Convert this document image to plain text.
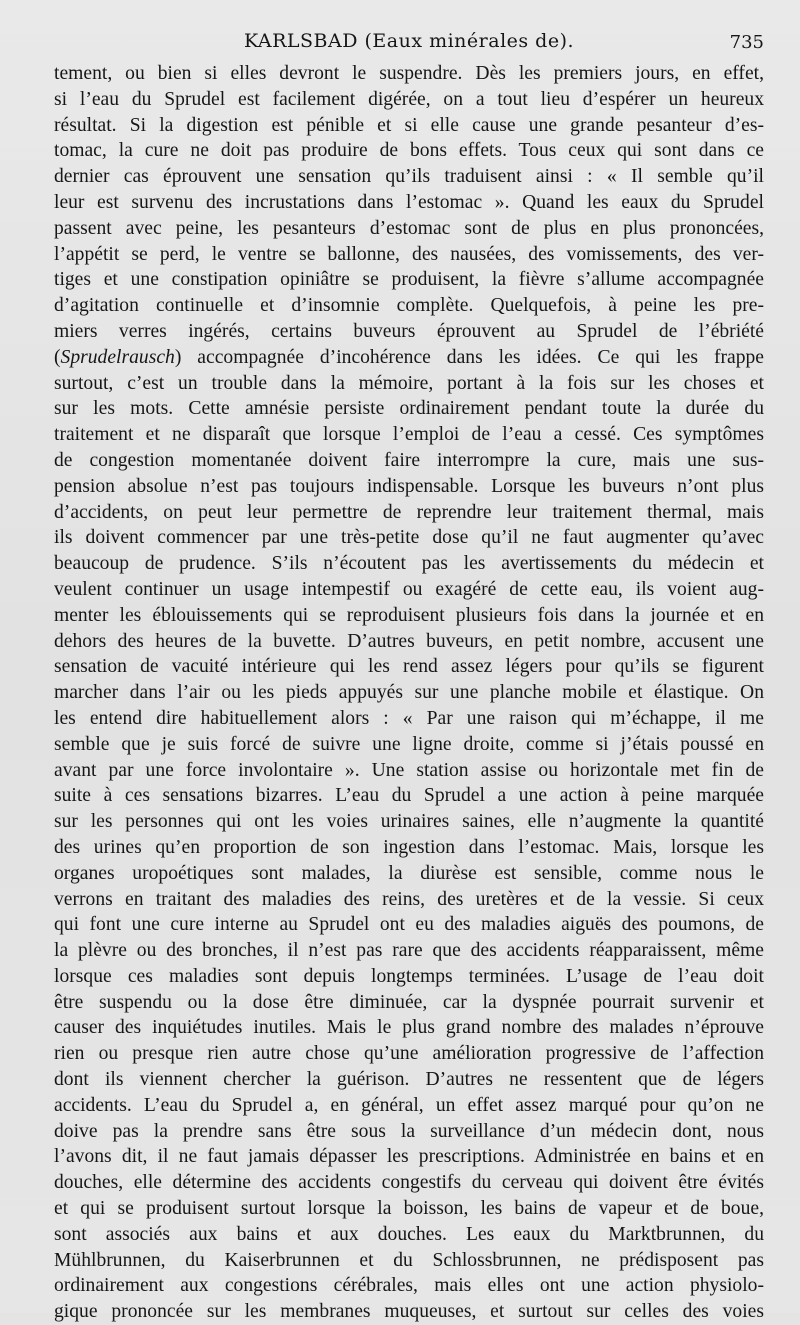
KARLSBAD (Eaux minérales de).	735
tement, ou bien si elles devront le suspendre. Dès les premiers jours, en effet,
si l’eau du Sprudel est facilement digérée, on a tout lieu d’espérer un heureux
résultat. Si la digestion est pénible et si elle cause une grande pesanteur d’es-
tomac, la cure ne doit pas produire de bons effets. Tous ceux qui sont dans ce
dernier cas éprouvent une sensation qu’ils traduisent ainsi : « Il semble qu’il
leur est survenu des incrustations dans l’estomac ». Quand les eaux du Sprudel
passent avec peine, les pesanteurs d’estomac sont de plus en plus prononcées,
l’appétit se perd, le ventre se ballonne, des nausées, des vomissements, des ver-
tiges et une constipation opiniâtre se produisent, la fièvre s’allume accompagnée
d’agitation continuelle et d’insomnie complète. Quelquefois, à peine les pre-
miers verres ingérés, certains buveurs éprouvent au Sprudel de l’ébriété
(Sprudelrausch) accompagnée d’incohérence dans les idées. Ce qui les frappe
surtout, c’est un trouble dans la mémoire, portant à la fois sur les choses et
sur les mots. Cette amnésie persiste ordinairement pendant toute la durée du
traitement et ne disparaît que lorsque l’emploi de l’eau a cessé. Ces symptômes
de congestion momentanée doivent faire interrompre la cure, mais une sus-
pension absolue n’est pas toujours indispensable. Lorsque les buveurs n’ont plus
d’accidents, on peut leur permettre de reprendre leur traitement thermal, mais
ils doivent commencer par une très-petite dose qu’il ne faut augmenter qu’avec
beaucoup de prudence. S’ils n’écoutent pas les avertissements du médecin et
veulent continuer un usage intempestif ou exagéré de cette eau, ils voient aug-
menter les éblouissements qui se reproduisent plusieurs fois dans la journée et en
dehors des heures de la buvette. D’autres buveurs, en petit nombre, accusent une
sensation de vacuité intérieure qui les rend assez légers pour qu’ils se figurent
marcher dans l’air ou les pieds appuyés sur une planche mobile et élastique. On
les entend dire habituellement alors : « Par une raison qui m’échappe, il me
semble que je suis forcé de suivre une ligne droite, comme si j’étais poussé en
avant par une force involontaire ». Une station assise ou horizontale met fin de
suite à ces sensations bizarres. L’eau du Sprudel a une action à peine marquée
sur les personnes qui ont les voies urinaires saines, elle n’augmente la quantité
des urines qu’en proportion de son ingestion dans l’estomac. Mais, lorsque les
organes uropoétiques sont malades, la diurèse est sensible, comme nous le
verrons en traitant des maladies des reins, des uretères et de la vessie. Si ceux
qui font une cure interne au Sprudel ont eu des maladies aiguës des poumons, de
la plèvre ou des bronches, il n’est pas rare que des accidents réapparaissent, même
lorsque ces maladies sont depuis longtemps terminées. L’usage de l’eau doit
être suspendu ou la dose être diminuée, car la dyspnée pourrait survenir et
causer des inquiétudes inutiles. Mais le plus grand nombre des malades n’éprouve
rien ou presque rien autre chose qu’une amélioration progressive de l’affection
dont ils viennent chercher la guérison. D’autres ne ressentent que de légers
accidents. L’eau du Sprudel a, en général, un effet assez marqué pour qu’on ne
doive pas la prendre sans être sous la surveillance d’un médecin dont, nous
l’avons dit, il ne faut jamais dépasser les prescriptions. Administrée en bains et en
douches, elle détermine des accidents congestifs du cerveau qui doivent être évités
et qui se produisent surtout lorsque la boisson, les bains de vapeur et de boue,
sont associés aux bains et aux douches. Les eaux du Marktbrunnen, du
Mühlbrunnen, du Kaiserbrunnen et du Schlossbrunnen, ne prédisposent pas
ordinairement aux congestions cérébrales, mais elles ont une action physiolo-
gique prononcée sur les membranes muqueuses, et surtout sur celles des voies
